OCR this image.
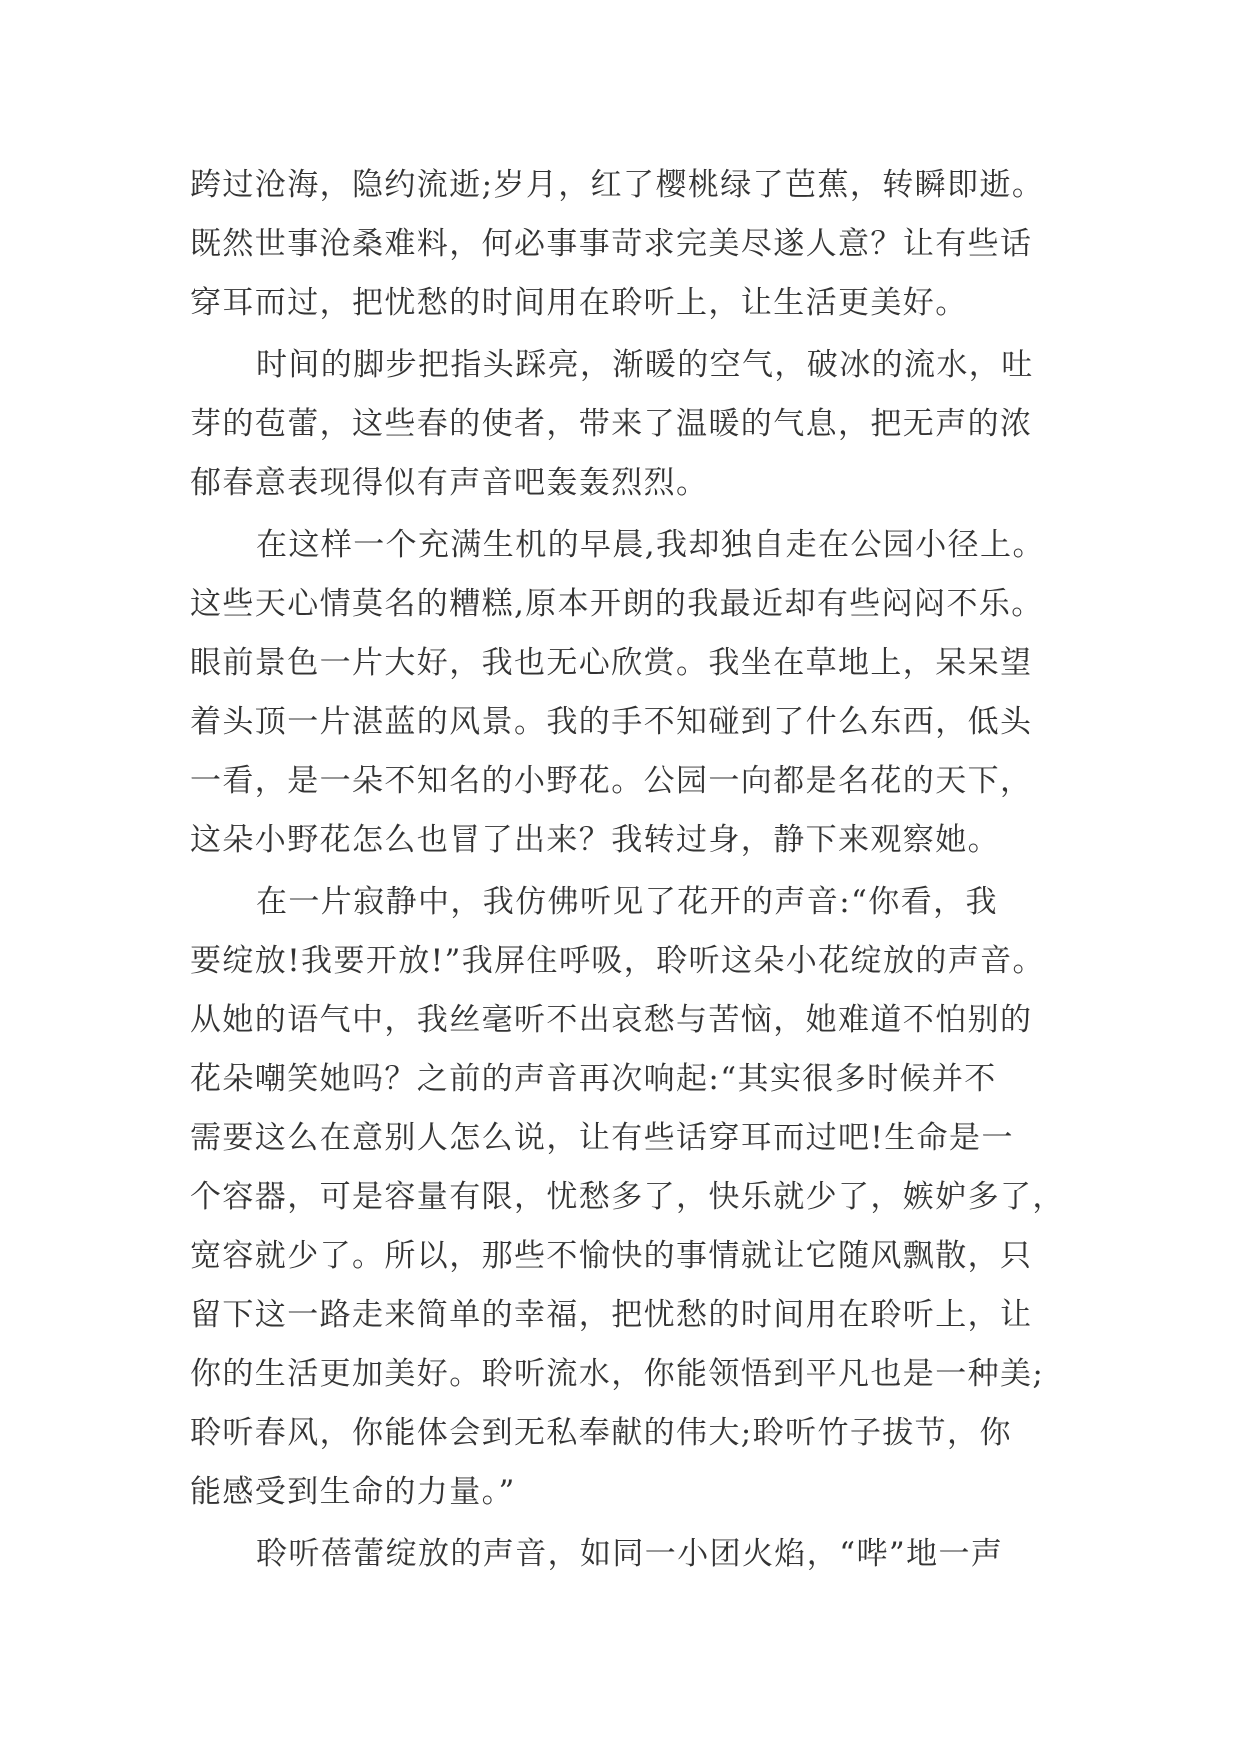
跨过沧海，隐约流逝;岁月，红了樱桃绿了芭蕉，转瞬即逝。
既然世事沧桑难料，何必事事苛求完美尽遂人意？让有些话
穿耳而过，把忧愁的时间用在聆听上，让生活更美好。
时间的脚步把指头踩亮，渐暖的空气，破冰的流水，吐
芽的苞蕾，这些春的使者，带来了温暖的气息，把无声的浓
郁春意表现得似有声音吧轰轰烈烈。
在这样一个充满生机的早晨,我却独自走在公园小径上。
这些天心情莫名的糟糕,原本开朗的我最近却有些闷闷不乐。
眼前景色一片大好，我也无心欣赏。我坐在草地上，呆呆望
着头顶一片湛蓝的风景。我的手不知碰到了什么东西，低头
一看，是一朵不知名的小野花。公园一向都是名花的天下，
这朵小野花怎么也冒了出来？我转过身，静下来观察她。
在一片寂静中，我仿佛听见了花开的声音:“你看，我
要绽放!我要开放!”我屏住呼吸，聆听这朵小花绽放的声音。
从她的语气中，我丝毫听不出哀愁与苦恼，她难道不怕别的
花朵嘲笑她吗？之前的声音再次响起:“其实很多时候并不
需要这么在意别人怎么说，让有些话穿耳而过吧!生命是一
个容器，可是容量有限，忧愁多了，快乐就少了，嫉妒多了，
宽容就少了。所以，那些不愉快的事情就让它随风飘散，只
留下这一路走来简单的幸福，把忧愁的时间用在聆听上，让
你的生活更加美好。聆听流水，你能领悟到平凡也是一种美;
聆听春风，你能体会到无私奉献的伟大;聆听竹子拔节，你
能感受到生命的力量。”
聆听蓓蕾绽放的声音，如同一小团火焰，“哔”地一声
